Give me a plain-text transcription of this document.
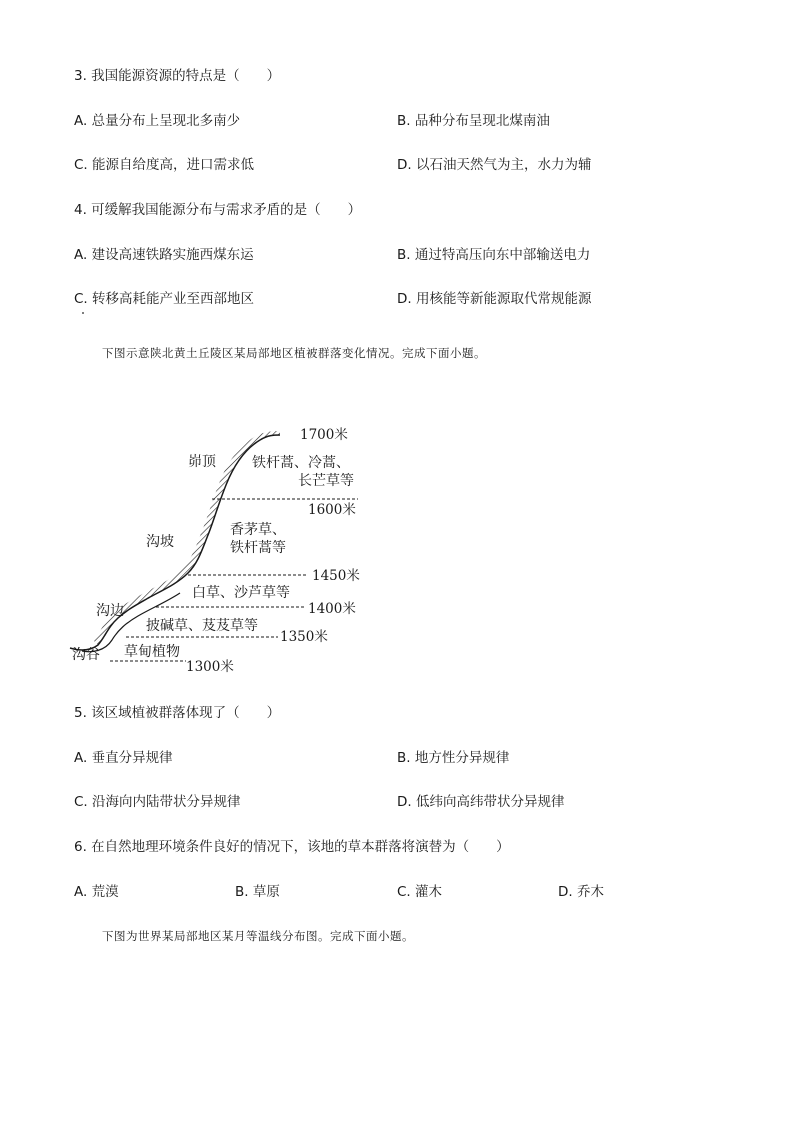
3. 我国能源资源的特点是（　　）
A. 总量分布上呈现北多南少	B. 品种分布呈现北煤南油
C. 能源自给度高，进口需求低	D. 以石油天然气为主，水力为辅
4. 可缓解我国能源分布与需求矛盾的是（　　）
A. 建设高速铁路实施西煤东运	B. 通过特高压向东中部输送电力
C. 转移高耗能产业至西部地区	D. 用核能等新能源取代常规能源
下图示意陕北黄土丘陵区某局部地区植被群落变化情况。完成下面小题。
1700米
1600米
1450米
1400米
1350米
1300米
峁顶
沟坡
沟边
沟谷
铁杆蒿、冷蒿、
长芒草等
香茅草、
铁杆蒿等
白草、沙芦草等
披碱草、芨芨草等
草甸植物
5. 该区域植被群落体现了（　　）
A. 垂直分异规律	B. 地方性分异规律
C. 沿海向内陆带状分异规律	D. 低纬向高纬带状分异规律
6. 在自然地理环境条件良好的情况下，该地的草本群落将演替为（　　）
A. 荒漠	B. 草原	C. 灌木	D. 乔木
下图为世界某局部地区某月等温线分布图。完成下面小题。
